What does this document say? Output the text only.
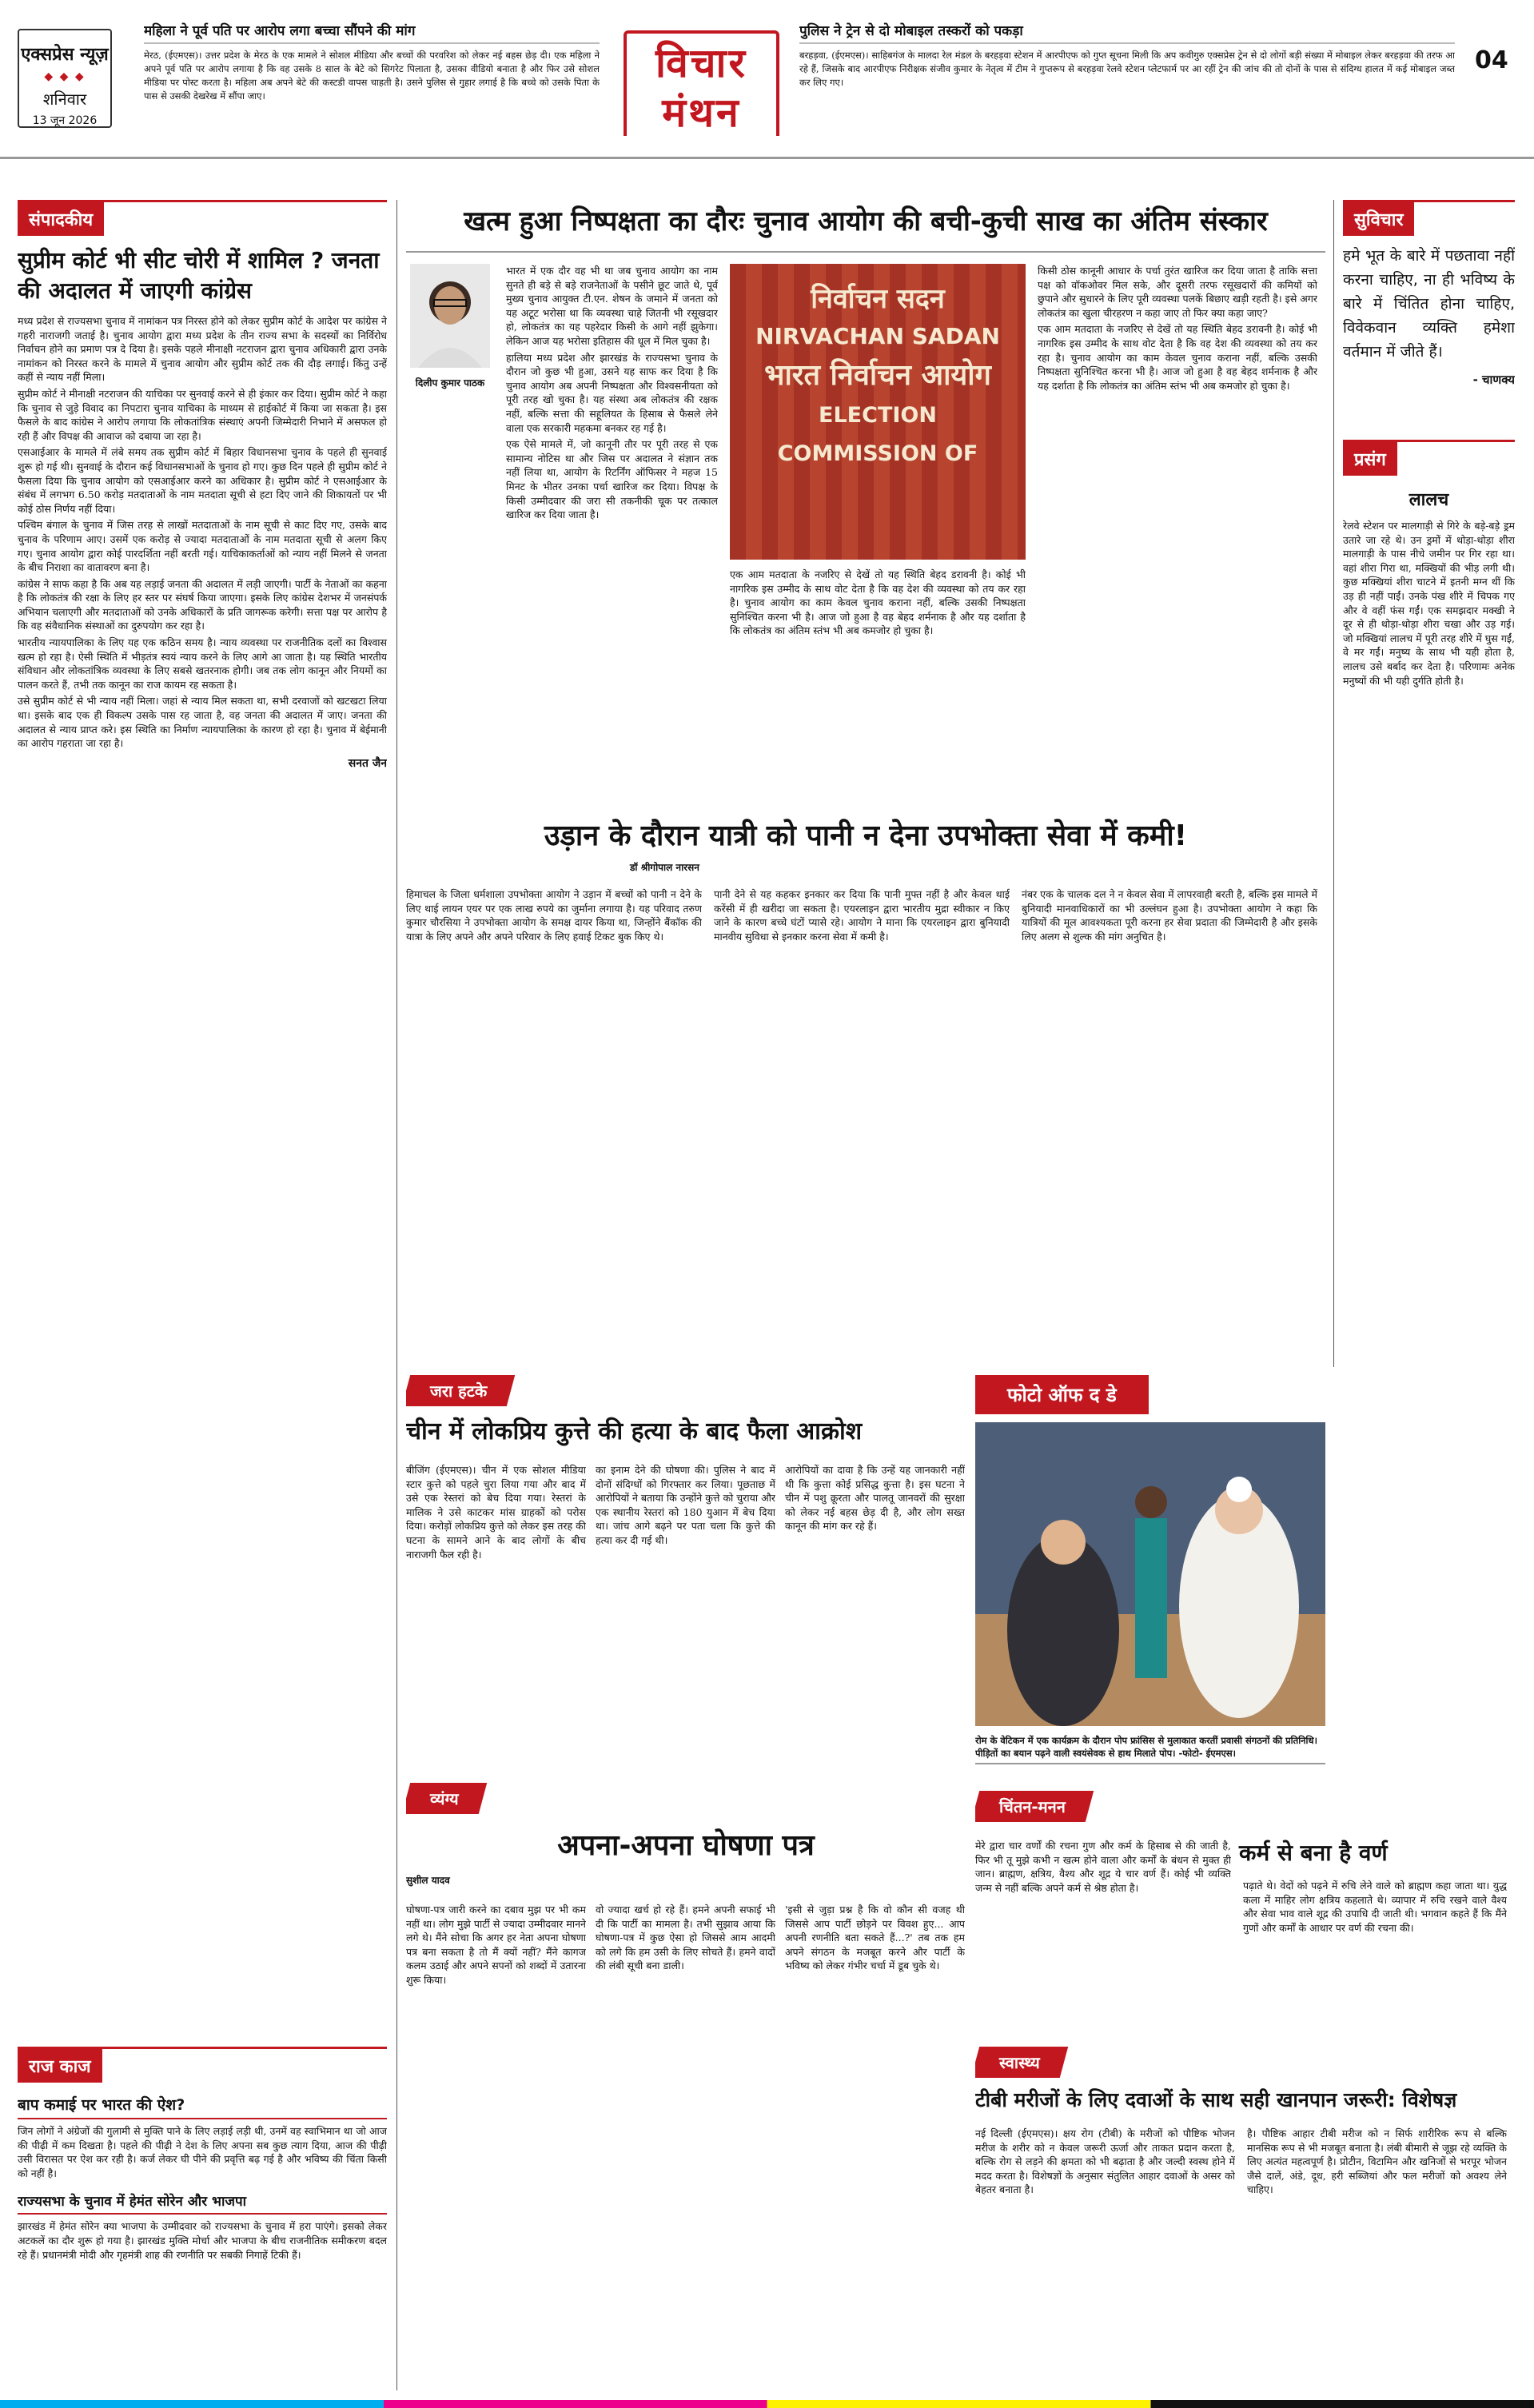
एक्सप्रेस न्यूज़
◆ ◆ ◆
शनिवार
13 जून 2026
महिला ने पूर्व पति पर आरोप लगा बच्चा सौंपने की मांग
मेरठ, (ईएमएस)। उत्तर प्रदेश के मेरठ के एक मामले ने सोशल मीडिया और बच्चों की परवरिश को लेकर नई बहस छेड़ दी। एक महिला ने अपने पूर्व पति पर आरोप लगाया है कि वह उसके 8 साल के बेटे को सिगरेट पिलाता है, उसका वीडियो बनाता है और फिर उसे सोशल मीडिया पर पोस्ट करता है। महिला अब अपने बेटे की कस्टडी वापस चाहती है। उसने पुलिस से गुहार लगाई है कि बच्चे को उसके पिता के पास से उसकी देखरेख में सौंपा जाए।
विचार
मंथन
पुलिस ने ट्रेन से दो मोबाइल तस्करों को पकड़ा
बरहड़वा, (ईएमएस)। साहिबगंज के मालदा रेल मंडल के बरहड़वा स्टेशन में आरपीएफ को गुप्त सूचना मिली कि अप कवीगुरु एक्सप्रेस ट्रेन से दो लोगों बड़ी संख्या में मोबाइल लेकर बरहड़वा की तरफ आ रहे हैं, जिसके बाद आरपीएफ निरीक्षक संजीव कुमार के नेतृत्व में टीम ने गुप्तरूप से बरहड़वा रेलवे स्टेशन प्लेटफार्म पर आ रहीं ट्रेन की जांच की तो दोनों के पास से संदिग्ध हालत में कई मोबाइल जब्त कर लिए गए।
04
संपादकीय
सुप्रीम कोर्ट भी सीट चोरी में शामिल ? जनता की अदालत में जाएगी कांग्रेस

मध्य प्रदेश से राज्यसभा चुनाव में नामांकन पत्र निरस्त होने को लेकर सुप्रीम कोर्ट के आदेश पर कांग्रेस ने गहरी नाराजगी जताई है। चुनाव आयोग द्वारा मध्य प्रदेश के तीन राज्य सभा के सदस्यों का निर्विरोध निर्वाचन होने का प्रमाण पत्र दे दिया है। इसके पहले मीनाक्षी नटराजन द्वारा चुनाव अधिकारी द्वारा उनके नामांकन को निरस्त करने के मामले में चुनाव आयोग और सुप्रीम कोर्ट तक की दौड़ लगाई। किंतु उन्हें कहीं से न्याय नहीं मिला।

सुप्रीम कोर्ट ने मीनाक्षी नटराजन की याचिका पर सुनवाई करने से ही इंकार कर दिया। सुप्रीम कोर्ट ने कहा कि चुनाव से जुड़े विवाद का निपटारा चुनाव याचिका के माध्यम से हाईकोर्ट में किया जा सकता है। इस फैसले के बाद कांग्रेस ने आरोप लगाया कि लोकतांत्रिक संस्थाएं अपनी जिम्मेदारी निभाने में असफल हो रही हैं और विपक्ष की आवाज को दबाया जा रहा है।

एसआईआर के मामले में लंबे समय तक सुप्रीम कोर्ट में बिहार विधानसभा चुनाव के पहले ही सुनवाई शुरू हो गई थी। सुनवाई के दौरान कई विधानसभाओं के चुनाव हो गए। कुछ दिन पहले ही सुप्रीम कोर्ट ने फैसला दिया कि चुनाव आयोग को एसआईआर करने का अधिकार है। सुप्रीम कोर्ट ने एसआईआर के संबंध में लगभग 6.50 करोड़ मतदाताओं के नाम मतदाता सूची से हटा दिए जाने की शिकायतों पर भी कोई ठोस निर्णय नहीं दिया।

पश्चिम बंगाल के चुनाव में जिस तरह से लाखों मतदाताओं के नाम सूची से काट दिए गए, उसके बाद चुनाव के परिणाम आए। उसमें एक करोड़ से ज्यादा मतदाताओं के नाम मतदाता सूची से अलग किए गए। चुनाव आयोग द्वारा कोई पारदर्शिता नहीं बरती गई। याचिकाकर्ताओं को न्याय नहीं मिलने से जनता के बीच निराशा का वातावरण बना है।

कांग्रेस ने साफ कहा है कि अब यह लड़ाई जनता की अदालत में लड़ी जाएगी। पार्टी के नेताओं का कहना है कि लोकतंत्र की रक्षा के लिए हर स्तर पर संघर्ष किया जाएगा। इसके लिए कांग्रेस देशभर में जनसंपर्क अभियान चलाएगी और मतदाताओं को उनके अधिकारों के प्रति जागरूक करेगी। सत्ता पक्ष पर आरोप है कि वह संवैधानिक संस्थाओं का दुरुपयोग कर रहा है।

भारतीय न्यायपालिका के लिए यह एक कठिन समय है। न्याय व्यवस्था पर राजनीतिक दलों का विश्वास खत्म हो रहा है। ऐसी स्थिति में भीड़तंत्र स्वयं न्याय करने के लिए आगे आ जाता है। यह स्थिति भारतीय संविधान और लोकतांत्रिक व्यवस्था के लिए सबसे खतरनाक होगी। जब तक लोग कानून और नियमों का पालन करते हैं, तभी तक कानून का राज कायम रह सकता है।

उसे सुप्रीम कोर्ट से भी न्याय नहीं मिला। जहां से न्याय मिल सकता था, सभी दरवाजों को खटखटा लिया था। इसके बाद एक ही विकल्प उसके पास रह जाता है, वह जनता की अदालत में जाए। जनता की अदालत से न्याय प्राप्त करे। इस स्थिति का निर्माण न्यायपालिका के कारण हो रहा है। चुनाव में बेईमानी का आरोप गहराता जा रहा है।

सनत जैन
राज काज
बाप कमाई पर भारत की ऐश?

जिन लोगों ने अंग्रेजों की गुलामी से मुक्ति पाने के लिए लड़ाई लड़ी थी, उनमें वह स्वाभिमान था जो आज की पीढ़ी में कम दिखता है। पहले की पीढ़ी ने देश के लिए अपना सब कुछ त्याग दिया, आज की पीढ़ी उसी विरासत पर ऐश कर रही है। कर्ज लेकर घी पीने की प्रवृत्ति बढ़ गई है और भविष्य की चिंता किसी को नहीं है।

राज्यसभा के चुनाव में हेमंत सोरेन और भाजपा

झारखंड में हेमंत सोरेन क्या भाजपा के उम्मीदवार को राज्यसभा के चुनाव में हरा पाएंगे। इसको लेकर अटकलें का दौर शुरू हो गया है। झारखंड मुक्ति मोर्चा और भाजपा के बीच राजनीतिक समीकरण बदल रहे हैं। प्रधानमंत्री मोदी और गृहमंत्री शाह की रणनीति पर सबकी निगाहें टिकी हैं।

खत्म हुआ निष्पक्षता का दौरः चुनाव आयोग की बची-कुची साख का अंतिम संस्कार
दिलीप कुमार पाठक

भारत में एक दौर वह भी था जब चुनाव आयोग का नाम सुनते ही बड़े से बड़े राजनेताओं के पसीने छूट जाते थे, पूर्व मुख्य चुनाव आयुक्त टी.एन. शेषन के जमाने में जनता को यह अटूट भरोसा था कि व्यवस्था चाहे जितनी भी रसूखदार हो, लोकतंत्र का यह पहरेदार किसी के आगे नहीं झुकेगा। लेकिन आज यह भरोसा इतिहास की धूल में मिल चुका है।

हालिया मध्य प्रदेश और झारखंड के राज्यसभा चुनाव के दौरान जो कुछ भी हुआ, उसने यह साफ कर दिया है कि चुनाव आयोग अब अपनी निष्पक्षता और विश्वसनीयता को पूरी तरह खो चुका है। यह संस्था अब लोकतंत्र की रक्षक नहीं, बल्कि सत्ता की सहूलियत के हिसाब से फैसले लेने वाला एक सरकारी महकमा बनकर रह गई है।

एक ऐसे मामले में, जो कानूनी तौर पर पूरी तरह से एक सामान्य नोटिस था और जिस पर अदालत ने संज्ञान तक नहीं लिया था, आयोग के रिटर्निंग ऑफिसर ने महज 15 मिनट के भीतर उनका पर्चा खारिज कर दिया। विपक्ष के किसी उम्मीदवार की जरा सी तकनीकी चूक पर तत्काल खारिज कर दिया जाता है।

निर्वाचन सदन
NIRVACHAN SADAN
भारत निर्वाचन आयोग
ELECTION COMMISSION OF

एक आम मतदाता के नजरिए से देखें तो यह स्थिति बेहद डरावनी है। कोई भी नागरिक इस उम्मीद के साथ वोट देता है कि वह देश की व्यवस्था को तय कर रहा है। चुनाव आयोग का काम केवल चुनाव कराना नहीं, बल्कि उसकी निष्पक्षता सुनिश्चित करना भी है। आज जो हुआ है वह बेहद शर्मनाक है और यह दर्शाता है कि लोकतंत्र का अंतिम स्तंभ भी अब कमजोर हो चुका है।

किसी ठोस कानूनी आधार के पर्चा तुरंत खारिज कर दिया जाता है ताकि सत्ता पक्ष को वॉकओवर मिल सके, और दूसरी तरफ रसूखदारों की कमियों को छुपाने और सुधारने के लिए पूरी व्यवस्था पलकें बिछाए खड़ी रहती है। इसे अगर लोकतंत्र का खुला चीरहरण न कहा जाए तो फिर क्या कहा जाए?

एक आम मतदाता के नजरिए से देखें तो यह स्थिति बेहद डरावनी है। कोई भी नागरिक इस उम्मीद के साथ वोट देता है कि वह देश की व्यवस्था को तय कर रहा है। चुनाव आयोग का काम केवल चुनाव कराना नहीं, बल्कि उसकी निष्पक्षता सुनिश्चित करना भी है। आज जो हुआ है वह बेहद शर्मनाक है और यह दर्शाता है कि लोकतंत्र का अंतिम स्तंभ भी अब कमजोर हो चुका है।

उड़ान के दौरान यात्री को पानी न देना उपभोक्ता सेवा में कमी!
डॉ श्रीगोपाल नारसन

हिमाचल के जिला धर्मशाला उपभोक्ता आयोग ने उड़ान में बच्चों को पानी न देने के लिए थाई लायन एयर पर एक लाख रुपये का जुर्माना लगाया है। यह परिवाद तरुण कुमार चौरसिया ने उपभोक्ता आयोग के समक्ष दायर किया था, जिन्होंने बैंकॉक की यात्रा के लिए अपने और अपने परिवार के लिए हवाई टिकट बुक किए थे।

पानी देने से यह कहकर इनकार कर दिया कि पानी मुफ्त नहीं है और केवल थाई करेंसी में ही खरीदा जा सकता है। एयरलाइन द्वारा भारतीय मुद्रा स्वीकार न किए जाने के कारण बच्चे घंटों प्यासे रहे। आयोग ने माना कि एयरलाइन द्वारा बुनियादी मानवीय सुविधा से इनकार करना सेवा में कमी है।

नंबर एक के चालक दल ने न केवल सेवा में लापरवाही बरती है, बल्कि इस मामले में बुनियादी मानवाधिकारों का भी उल्लंघन हुआ है। उपभोक्ता आयोग ने कहा कि यात्रियों की मूल आवश्यकता पूरी करना हर सेवा प्रदाता की जिम्मेदारी है और इसके लिए अलग से शुल्क की मांग अनुचित है।

जरा हटके
चीन में लोकप्रिय कुत्ते की हत्या के बाद फैला आक्रोश

बीजिंग (ईएमएस)। चीन में एक सोशल मीडिया स्टार कुत्ते को पहले चुरा लिया गया और बाद में उसे एक रेस्तरां को बेच दिया गया। रेस्तरां के मालिक ने उसे काटकर मांस ग्राहकों को परोस दिया। करोड़ों लोकप्रिय कुत्ते को लेकर इस तरह की घटना के सामने आने के बाद लोगों के बीच नाराजगी फैल रही है।

का इनाम देने की घोषणा की। पुलिस ने बाद में दोनों संदिग्धों को गिरफ्तार कर लिया। पूछताछ में आरोपियों ने बताया कि उन्होंने कुत्ते को चुराया और एक स्थानीय रेस्तरां को 180 युआन में बेच दिया था। जांच आगे बढ़ने पर पता चला कि कुत्ते की हत्या कर दी गई थी।

आरोपियों का दावा है कि उन्हें यह जानकारी नहीं थी कि कुत्ता कोई प्रसिद्ध कुत्ता है। इस घटना ने चीन में पशु क्रूरता और पालतू जानवरों की सुरक्षा को लेकर नई बहस छेड़ दी है, और लोग सख्त कानून की मांग कर रहे हैं।

फोटो ऑफ द डे
रोम के वेटिकन में एक कार्यक्रम के दौरान पोप फ्रांसिस से मुलाकात करतीं प्रवासी संगठनों की प्रतिनिधि। पीड़ितों का बयान पढ़ने वाली स्वयंसेवक से हाथ मिलाते पोप। -फोटो- ईएमएस।
व्यंग्य
अपना-अपना घोषणा पत्र
सुशील यादव

घोषणा-पत्र जारी करने का दबाव मुझ पर भी कम नहीं था। लोग मुझे पार्टी से ज्यादा उम्मीदवार मानने लगे थे। मैंने सोचा कि अगर हर नेता अपना घोषणा पत्र बना सकता है तो मैं क्यों नहीं? मैंने कागज कलम उठाई और अपने सपनों को शब्दों में उतारना शुरू किया।

वो ज्यादा खर्च हो रहे हैं। हमने अपनी सफाई भी दी कि पार्टी का मामला है। तभी सुझाव आया कि घोषणा-पत्र में कुछ ऐसा हो जिससे आम आदमी को लगे कि हम उसी के लिए सोचते हैं। हमने वादों की लंबी सूची बना डाली।

'इसी से जुड़ा प्रश्न है कि वो कौन सी वजह थी जिससे आप पार्टी छोड़ने पर विवश हुए... आप अपनी रणनीति बता सकते हैं...?' तब तक हम अपने संगठन के मजबूत करने और पार्टी के भविष्य को लेकर गंभीर चर्चा में डूब चुके थे।

चिंतन-मनन
कर्म से बना है वर्ण

मेरे द्वारा चार वर्णों की रचना गुण और कर्म के हिसाब से की जाती है, फिर भी तू मुझे कभी न खत्म होने वाला और कर्मों के बंधन से मुक्त ही जान। ब्राह्मण, क्षत्रिय, वैश्य और शूद्र ये चार वर्ण हैं। कोई भी व्यक्ति जन्म से नहीं बल्कि अपने कर्म से श्रेष्ठ होता है।	पढ़ाते थे। वेदों को पढ़ने में रुचि लेने वाले को ब्राह्मण कहा जाता था। युद्ध कला में माहिर लोग क्षत्रिय कहलाते थे। व्यापार में रुचि रखने वाले वैश्य और सेवा भाव वाले शूद्र की उपाधि दी जाती थी। भगवान कहते हैं कि मैंने गुणों और कर्मों के आधार पर वर्ण की रचना की।

स्वास्थ्य
टीबी मरीजों के लिए दवाओं के साथ सही खानपान जरूरी: विशेषज्ञ

नई दिल्ली (ईएमएस)। क्षय रोग (टीबी) के मरीजों को पौष्टिक भोजन मरीज के शरीर को न केवल जरूरी ऊर्जा और ताकत प्रदान करता है, बल्कि रोग से लड़ने की क्षमता को भी बढ़ाता है और जल्दी स्वस्थ होने में मदद करता है। विशेषज्ञों के अनुसार संतुलित आहार दवाओं के असर को बेहतर बनाता है।

है। पौष्टिक आहार टीबी मरीज को न सिर्फ शारीरिक रूप से बल्कि मानसिक रूप से भी मजबूत बनाता है। लंबी बीमारी से जूझ रहे व्यक्ति के लिए अत्यंत महत्वपूर्ण है। प्रोटीन, विटामिन और खनिजों से भरपूर भोजन जैसे दालें, अंडे, दूध, हरी सब्जियां और फल मरीजों को अवश्य लेने चाहिए।

सुविचार
हमे भूत के बारे में पछतावा नहीं करना चाहिए, ना ही भविष्य के बारे में चिंतित होना चाहिए, विवेकवान व्यक्ति हमेशा वर्तमान में जीते हैं।
- चाणक्य
प्रसंग
लालच

रेलवे स्टेशन पर मालगाड़ी से गिरे के बड़े-बड़े ड्रम उतारे जा रहे थे। उन ड्रमों में थोड़ा-थोड़ा शीरा मालगाड़ी के पास नीचे जमीन पर गिर रहा था। वहां शीरा गिरा था, मक्खियों की भीड़ लगी थी। कुछ मक्खियां शीरा चाटने में इतनी मग्न थीं कि उड़ ही नहीं पाईं। उनके पंख शीरे में चिपक गए और वे वहीं फंस गईं। एक समझदार मक्खी ने दूर से ही थोड़ा-थोड़ा शीरा चखा और उड़ गई। जो मक्खियां लालच में पूरी तरह शीरे में घुस गईं, वे मर गईं। मनुष्य के साथ भी यही होता है, लालच उसे बर्बाद कर देता है। परिणामः अनेक मनुष्यों की भी यही दुर्गति होती है।
